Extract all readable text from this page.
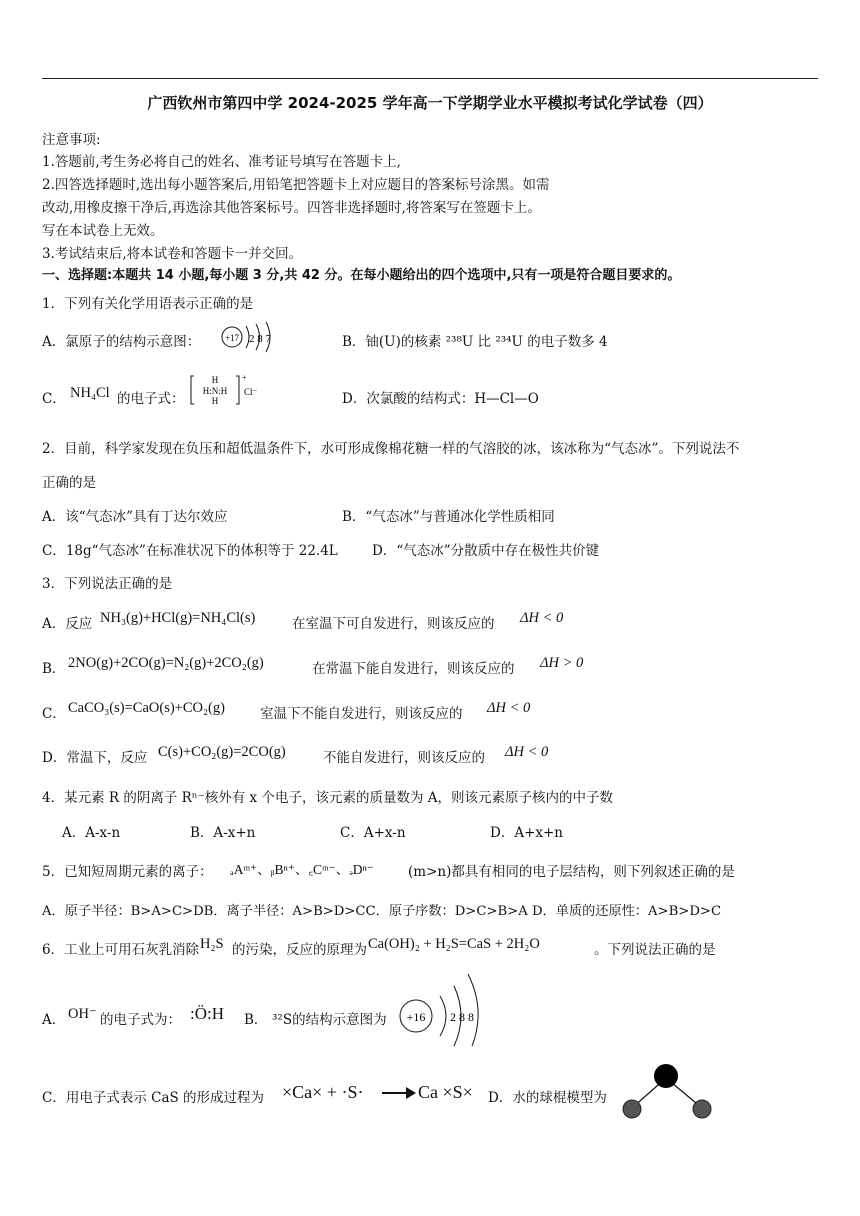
广西钦州市第四中学 2024-2025 学年高一下学期学业水平模拟考试化学试卷（四）
注意事项:
1.答题前,考生务必将自己的姓名、准考证号填写在答题卡上,
2.四答选择题时,选出每小题答案后,用铅笔把答题卡上对应题目的答案标号涂黑。如需
改动,用橡皮擦干净后,再选涂其他答案标号。四答非选择题时,将答案写在签题卡上。
写在本试卷上无效。
3.考试结束后,将本试卷和答题卡一并交回。
一、选择题:本题共 14 小题,每小题 3 分,共 42 分。在每小题给出的四个选项中,只有一项是符合题目要求的。
1．下列有关化学用语表示正确的是
A．氯原子的结构示意图：	+17 2 8 7	B．铀(U)的核素 ²³⁸U 比 ²³⁴U 的电子数多 4
C． NH₄Cl 的电子式：
H
H:N:H
H
+
Cl⁻	D．次氯酸的结构式：H—Cl—O
2．目前，科学家发现在负压和超低温条件下，水可形成像棉花糖一样的气溶胶的冰，该冰称为“气态冰”。下列说法不
正确的是
A．该“气态冰”具有丁达尔效应	B．“气态冰”与普通冰化学性质相同
C．18g“气态冰”在标准状况下的体积等于 22.4L	D．“气态冰”分散质中存在极性共价键
3．下列说法正确的是
A．反应 NH₃(g)+HCl(g)=NH₄Cl(s)	在室温下可自发进行，则该反应的 ΔH < 0
B． 2NO(g)+2CO(g)=N₂(g)+2CO₂(g)	在常温下能自发进行，则该反应的 ΔH > 0
C． CaCO₃(s)=CaO(s)+CO₂(g)	室温下不能自发进行，则该反应的 ΔH < 0
D．常温下，反应 C(s)+CO₂(g)=2CO(g)	不能自发进行，则该反应的 ΔH < 0
4．某元素 R 的阴离子 Rⁿ⁻核外有 x 个电子，该元素的质量数为 A，则该元素原子核内的中子数
A．A-x-n	B．A-x+n	C．A+x-n	D．A+x+n
5．已知短周期元素的离子： ₐAᵐ⁺、ᵦBⁿ⁺、꜀Cᵐ⁻、ₔDⁿ⁻	(m>n)都具有相同的电子层结构，则下列叙述正确的是
A．原子半径：B>A>C>DB．离子半径：A>B>D>CC．原子序数：D>C>B>A D．单质的还原性：A>B>D>C
6．工业上可用石灰乳消除 H₂S 的污染，反应的原理为 Ca(OH)₂ + H₂S=CaS + 2H₂O	。下列说法正确的是
A． OH⁻ 的电子式为： :Ö:H B． ³²S的结构示意图为 +16 2 8 8
C．用电子式表示 CaS 的形成过程为 ×Ca× + ·S·	Ca ×S× D．水的球棍模型为
